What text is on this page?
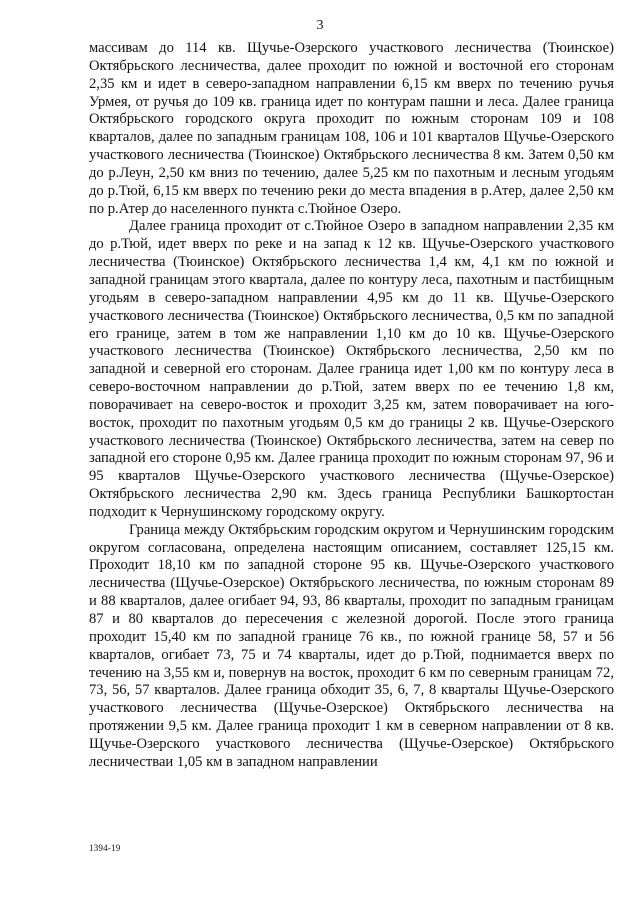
3

массивам до 114 кв. Щучье-Озерского участкового лесничества (Тюинское) Октябрьского лесничества, далее проходит по южной и восточной его сторонам 2,35 км и идет в северо-западном направлении 6,15 км вверх по течению ручья Урмея, от ручья до 109 кв. граница идет по контурам пашни и леса. Далее граница Октябрьского городского округа проходит по южным сторонам 109 и 108 кварталов, далее по западным границам 108, 106 и 101 кварталов Щучье-Озерского участкового лесничества (Тюинское) Октябрьского лесничества 8 км. Затем 0,50 км до р.Леун, 2,50 км вниз по течению, далее 5,25 км по пахотным и лесным угодьям до р.Тюй, 6,15 км вверх по течению реки до места впадения в р.Атер, далее 2,50 км по р.Атер до населенного пункта с.Тюйное Озеро.

Далее граница проходит от с.Тюйное Озеро в западном направлении 2,35 км до р.Тюй, идет вверх по реке и на запад к 12 кв. Щучье-Озерского участкового лесничества (Тюинское) Октябрьского лесничества 1,4 км, 4,1 км по южной и западной границам этого квартала, далее по контуру леса, пахотным и пастбищным угодьям в северо-западном направлении 4,95 км до 11 кв. Щучье-Озерского участкового лесничества (Тюинское) Октябрьского лесничества, 0,5 км по западной его границе, затем в том же направлении 1,10 км до 10 кв. Щучье-Озерского участкового лесничества (Тюинское) Октябрьского лесничества, 2,50 км по западной и северной его сторонам. Далее граница идет 1,00 км по контуру леса в северо-восточном направлении до р.Тюй, затем вверх по ее течению 1,8 км, поворачивает на северо-восток и проходит 3,25 км, затем поворачивает на юго-восток, проходит по пахотным угодьям 0,5 км до границы 2 кв. Щучье-Озерского участкового лесничества (Тюинское) Октябрьского лесничества, затем на север по западной его стороне 0,95 км. Далее граница проходит по южным сторонам 97, 96 и 95 кварталов Щучье-Озерского участкового лесничества (Щучье-Озерское) Октябрьского лесничества 2,90 км. Здесь граница Республики Башкортостан подходит к Чернушинскому городскому округу.

Граница между Октябрьским городским округом и Чернушинским городским округом согласована, определена настоящим описанием, составляет 125,15 км. Проходит 18,10 км по западной стороне 95 кв. Щучье-Озерского участкового лесничества (Щучье-Озерское) Октябрьского лесничества, по южным сторонам 89 и 88 кварталов, далее огибает 94, 93, 86 кварталы, проходит по западным границам 87 и 80 кварталов до пересечения с железной дорогой. После этого граница проходит 15,40 км по западной границе 76 кв., по южной границе 58, 57 и 56 кварталов, огибает 73, 75 и 74 кварталы, идет до р.Тюй, поднимается вверх по течению на 3,55 км и, повернув на восток, проходит 6 км по северным границам 72, 73, 56, 57 кварталов. Далее граница обходит 35, 6, 7, 8 кварталы Щучье-Озерского участкового лесничества (Щучье-Озерское) Октябрьского лесничества на протяжении 9,5 км. Далее граница проходит 1 км в северном направлении от 8 кв. Щучье-Озерского участкового лесничества (Щучье-Озерское) Октябрьского лесничестваи 1,05 км в западном направлении

1394-19
